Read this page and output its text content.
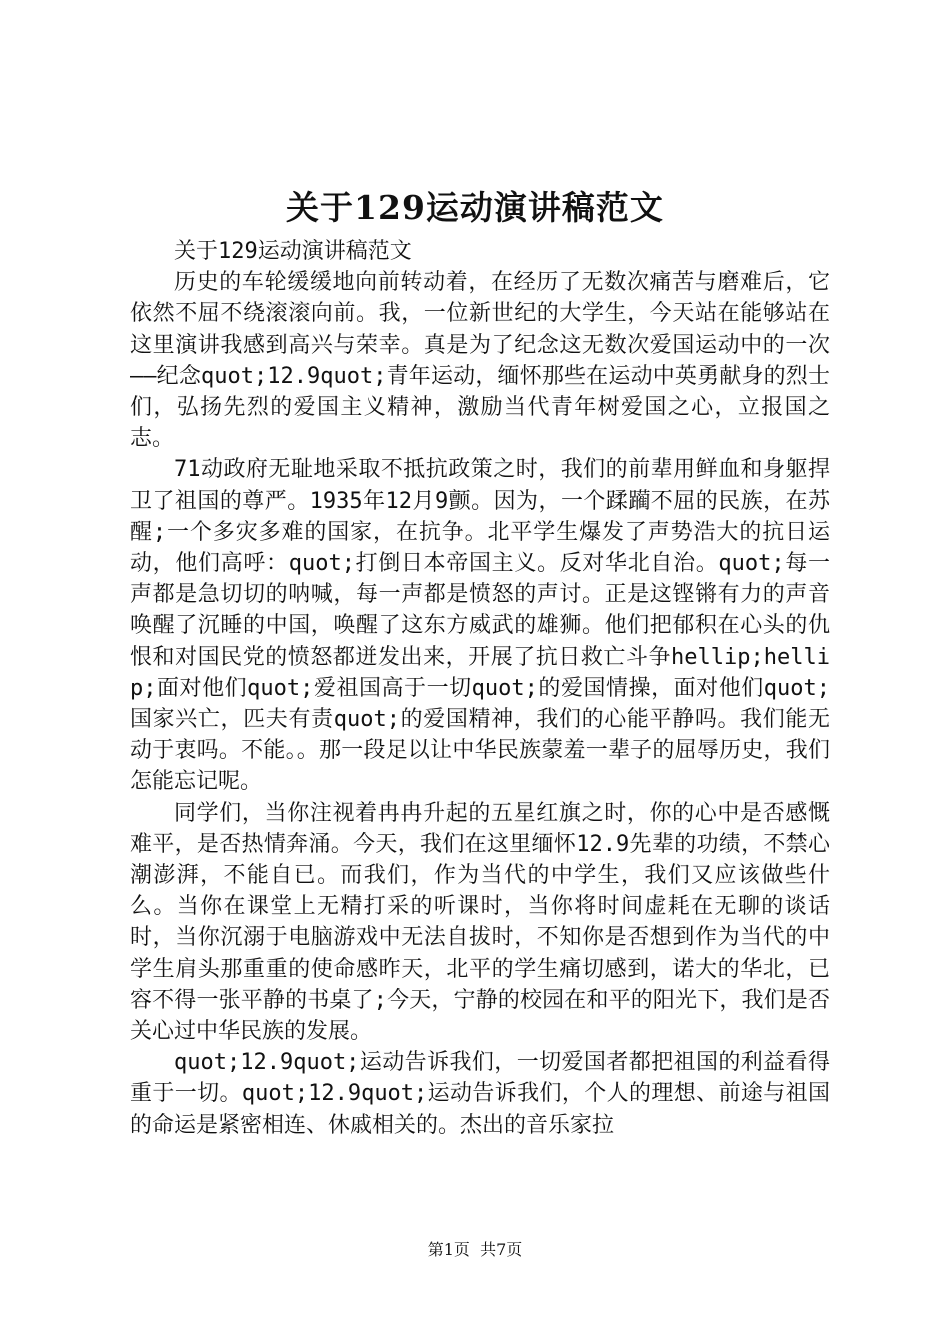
关于129运动演讲稿范文

关于129运动演讲稿范文

历史的车轮缓缓地向前转动着，在经历了无数次痛苦与磨难后，它依然不屈不绕滚滚向前。我，一位新世纪的大学生，今天站在能够站在这里演讲我感到高兴与荣幸。真是为了纪念这无数次爱国运动中的一次——纪念quot;12.9quot;青年运动，缅怀那些在运动中英勇献身的烈士们，弘扬先烈的爱国主义精神，激励当代青年树爱国之心，立报国之志。

71动政府无耻地采取不抵抗政策之时，我们的前辈用鲜血和身躯捍卫了祖国的尊严。1935年12月9颤。因为，一个蹂躏不屈的民族，在苏醒;一个多灾多难的国家，在抗争。北平学生爆发了声势浩大的抗日运动，他们高呼：quot;打倒日本帝国主义。反对华北自治。quot;每一声都是急切切的呐喊，每一声都是愤怒的声讨。正是这铿锵有力的声音唤醒了沉睡的中国，唤醒了这东方威武的雄狮。他们把郁积在心头的仇恨和对国民党的愤怒都迸发出来，开展了抗日救亡斗争hellip;hellip;面对他们quot;爱祖国高于一切quot;的爱国情操，面对他们quot;国家兴亡，匹夫有责quot;的爱国精神，我们的心能平静吗。我们能无动于衷吗。不能。。那一段足以让中华民族蒙羞一辈子的屈辱历史，我们怎能忘记呢。

同学们，当你注视着冉冉升起的五星红旗之时，你的心中是否感慨难平，是否热情奔涌。今天，我们在这里缅怀12.9先辈的功绩，不禁心潮澎湃，不能自已。而我们，作为当代的中学生，我们又应该做些什么。当你在课堂上无精打采的听课时，当你将时间虚耗在无聊的谈话时，当你沉溺于电脑游戏中无法自拔时，不知你是否想到作为当代的中学生肩头那重重的使命感昨天，北平的学生痛切感到，诺大的华北，已容不得一张平静的书桌了;今天，宁静的校园在和平的阳光下，我们是否关心过中华民族的发展。

quot;12.9quot;运动告诉我们，一切爱国者都把祖国的利益看得重于一切。quot;12.9quot;运动告诉我们，个人的理想、前途与祖国的命运是紧密相连、休戚相关的。杰出的音乐家拉

第1页  共7页
